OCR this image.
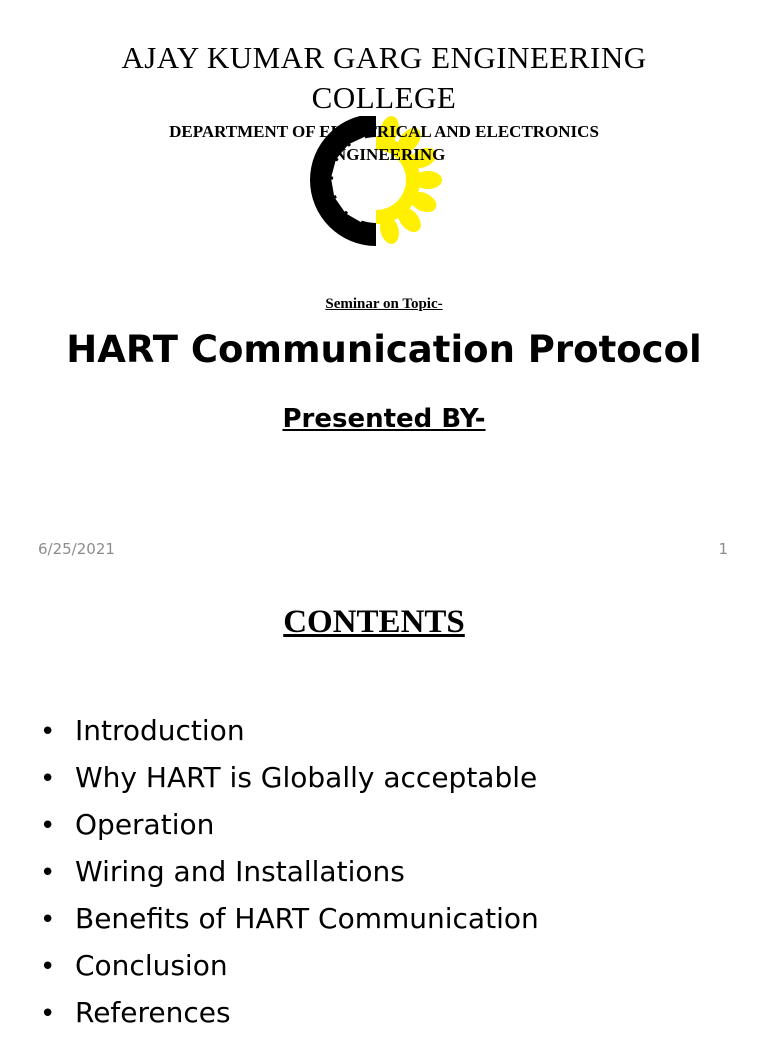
AJAY KUMAR GARG ENGINEERING
COLLEGE
DEPARTMENT OF ELECTRICAL AND ELECTRONICS
ENGINEERING
Seminar on Topic-
HART Communication Protocol
Presented BY-
6/25/2021	1
CONTENTS
• Introduction
• Why HART is Globally acceptable
• Operation
• Wiring and Installations
• Benefits of HART Communication
• Conclusion
• References
